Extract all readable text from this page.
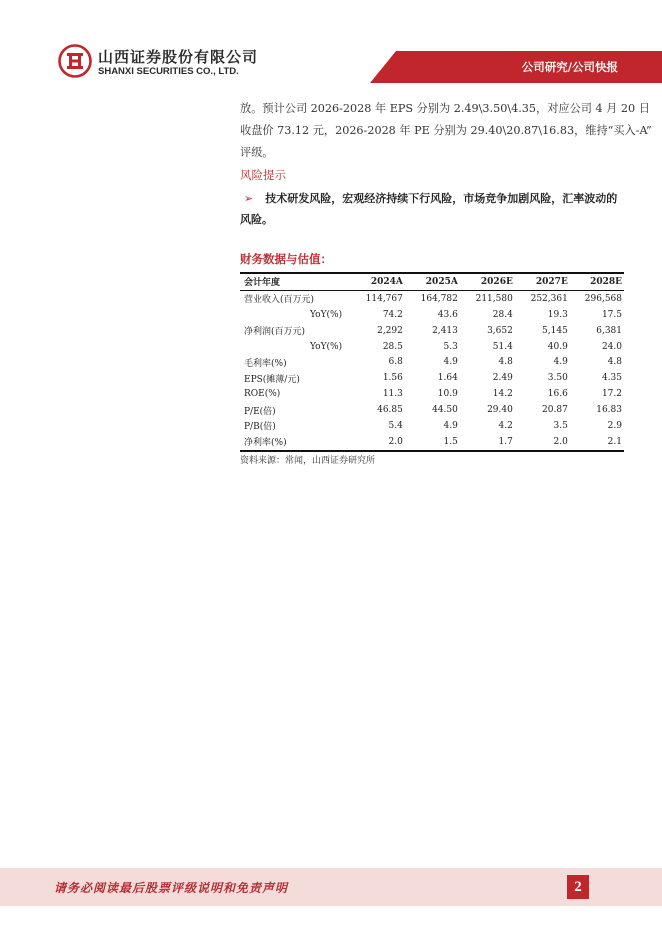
山西证券股份有限公司
SHANXI SECURITIES CO., LTD.	公司研究/公司快报
放。预计公司 2026-2028 年 EPS 分别为 2.49\3.50\4.35，对应公司 4 月 20 日
收盘价 73.12 元，2026-2028 年 PE 分别为 29.40\20.87\16.83，维持“买入-A”
评级。
风险提示
➢ 技术研发风险，宏观经济持续下行风险，市场竞争加剧风险，汇率波动的风险。
财务数据与估值：
会计年度	2024A	2025A	2026E	2027E	2028E
营业收入(百万元)	114,767	164,782	211,580	252,361	296,568
YoY(%)	74.2	43.6	28.4	19.3	17.5
净利润(百万元)	2,292	2,413	3,652	5,145	6,381
YoY(%)	28.5	5.3	51.4	40.9	24.0
毛利率(%)	6.8	4.9	4.8	4.9	4.8
EPS(摊薄/元)	1.56	1.64	2.49	3.50	4.35
ROE(%)	11.3	10.9	14.2	16.6	17.2
P/E(倍)	46.85	44.50	29.40	20.87	16.83
P/B(倍)	5.4	4.9	4.2	3.5	2.9
净利率(%)	2.0	1.5	1.7	2.0	2.1
资料来源：常闻，山西证券研究所
请务必阅读最后股票评级说明和免责声明	2
